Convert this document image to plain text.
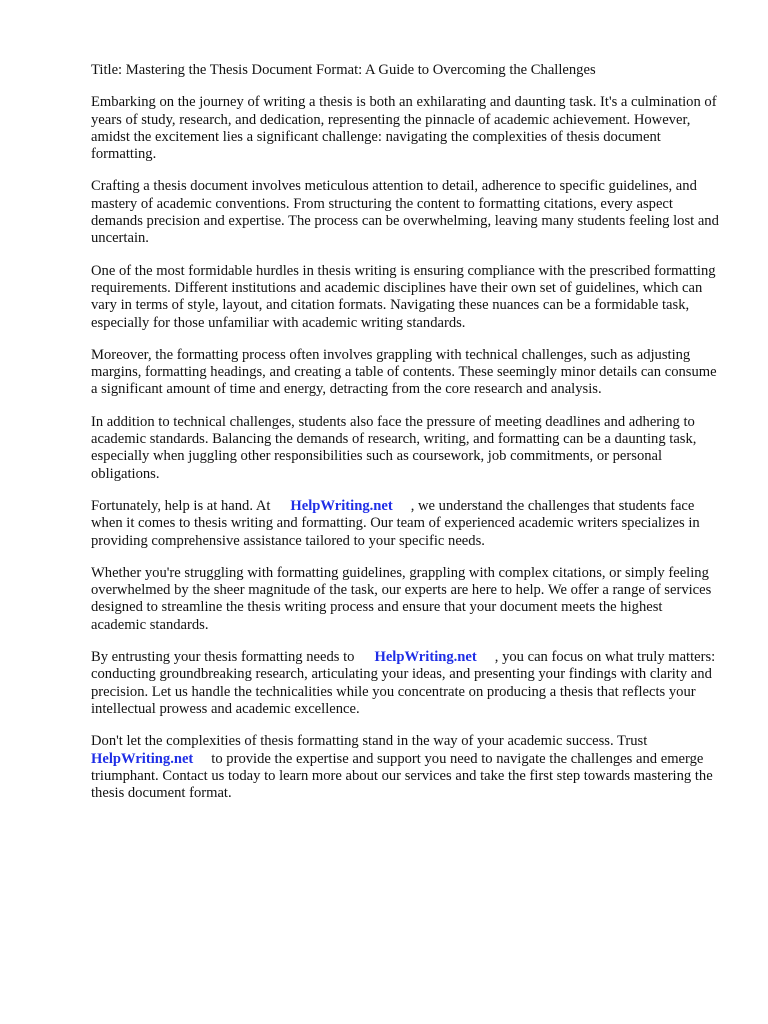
Title: Mastering the Thesis Document Format: A Guide to Overcoming the Challenges

Embarking on the journey of writing a thesis is both an exhilarating and daunting task. It's a culmination of years of study, research, and dedication, representing the pinnacle of academic achievement. However, amidst the excitement lies a significant challenge: navigating the complexities of thesis document formatting.

Crafting a thesis document involves meticulous attention to detail, adherence to specific guidelines, and mastery of academic conventions. From structuring the content to formatting citations, every aspect demands precision and expertise. The process can be overwhelming, leaving many students feeling lost and uncertain.

One of the most formidable hurdles in thesis writing is ensuring compliance with the prescribed formatting requirements. Different institutions and academic disciplines have their own set of guidelines, which can vary in terms of style, layout, and citation formats. Navigating these nuances can be a formidable task, especially for those unfamiliar with academic writing standards.

Moreover, the formatting process often involves grappling with technical challenges, such as adjusting margins, formatting headings, and creating a table of contents. These seemingly minor details can consume a significant amount of time and energy, detracting from the core research and analysis.

In addition to technical challenges, students also face the pressure of meeting deadlines and adhering to academic standards. Balancing the demands of research, writing, and formatting can be a daunting task, especially when juggling other responsibilities such as coursework, job commitments, or personal obligations.

Fortunately, help is at hand. At HelpWriting.net , we understand the challenges that students face when it comes to thesis writing and formatting. Our team of experienced academic writers specializes in providing comprehensive assistance tailored to your specific needs.

Whether you're struggling with formatting guidelines, grappling with complex citations, or simply feeling overwhelmed by the sheer magnitude of the task, our experts are here to help. We offer a range of services designed to streamline the thesis writing process and ensure that your document meets the highest academic standards.

By entrusting your thesis formatting needs to HelpWriting.net , you can focus on what truly matters: conducting groundbreaking research, articulating your ideas, and presenting your findings with clarity and precision. Let us handle the technicalities while you concentrate on producing a thesis that reflects your intellectual prowess and academic excellence.

Don't let the complexities of thesis formatting stand in the way of your academic success. Trust HelpWriting.net to provide the expertise and support you need to navigate the challenges and emerge triumphant. Contact us today to learn more about our services and take the first step towards mastering the thesis document format.
